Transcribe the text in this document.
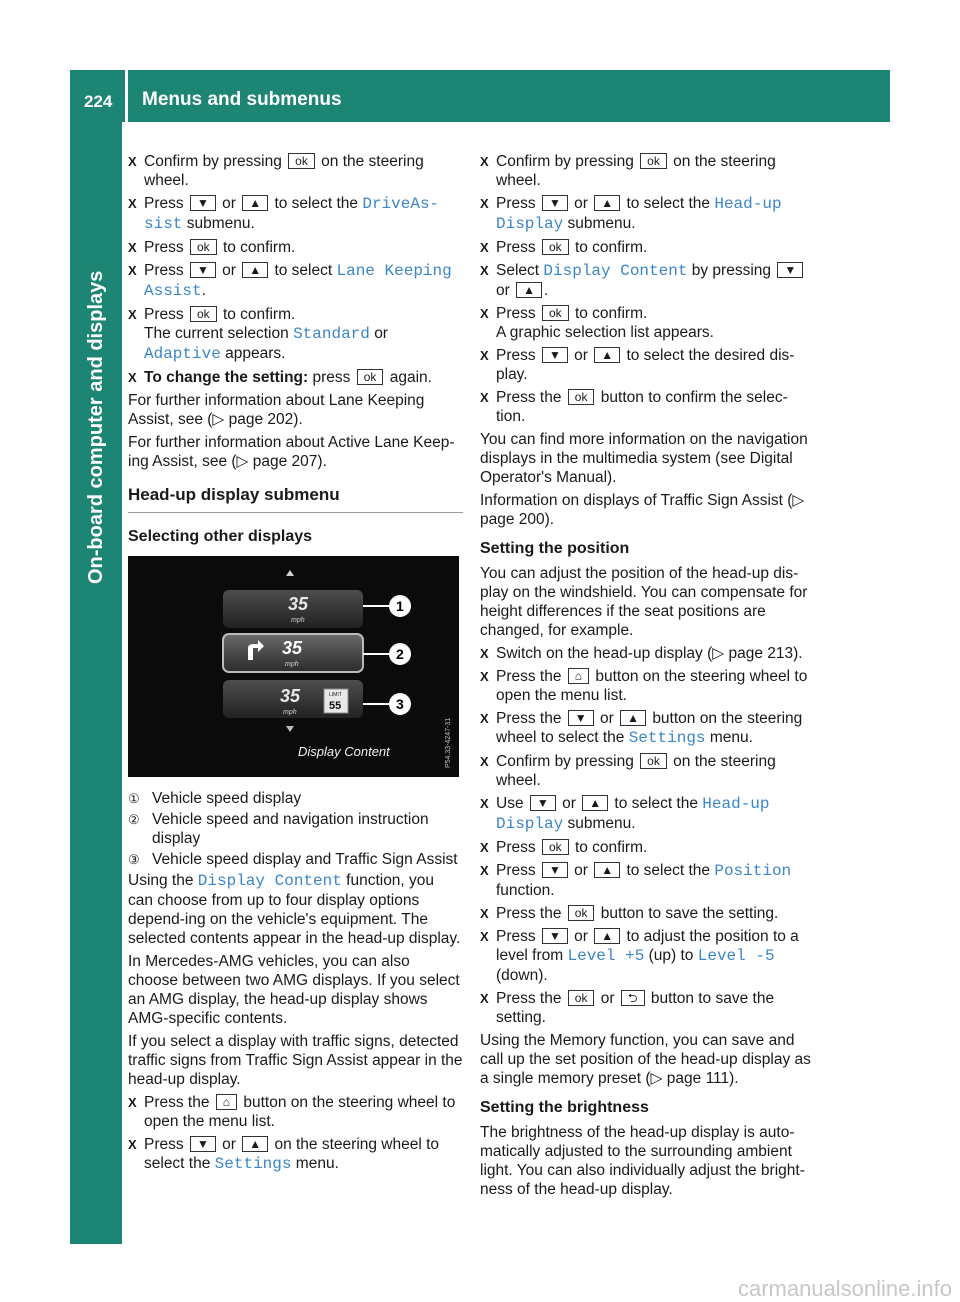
224 Menus and submenus
On-board computer and displays
X Confirm by pressing ok on the steering wheel.
X Press ▼ or ▲ to select the DriveAs‐sist submenu.
X Press ok to confirm.
X Press ▼ or ▲ to select Lane Keeping Assist.
X Press ok to confirm.
The current selection Standard or Adaptive appears.
X To change the setting: press ok again.

For further information about Lane Keeping Assist, see (▷ page 202).

For further information about Active Lane Keep-ing Assist, see (▷ page 207).

Head-up display submenu
Selecting other displays
35
mph
35
mph
35
mph
LIMIT
55
Display Content
1
2
3
P54.33-4247-31
① Vehicle speed display
② Vehicle speed and navigation instruction display
③ Vehicle speed display and Traffic Sign Assist

Using the Display Content function, you can choose from up to four display options depend-ing on the vehicle's equipment. The selected contents appear in the head-up display.

In Mercedes-AMG vehicles, you can also choose between two AMG displays. If you select an AMG display, the head-up display shows AMG-specific contents.

If you select a display with traffic signs, detected traffic signs from Traffic Sign Assist appear in the head-up display.

X Press the ⌂ button on the steering wheel to open the menu list.
X Press ▼ or ▲ on the steering wheel to select the Settings menu.
X Confirm by pressing ok on the steering wheel.
X Press ▼ or ▲ to select the Head-up Display submenu.
X Press ok to confirm.
X Select Display Content by pressing ▼ or ▲ .
X Press ok to confirm.
A graphic selection list appears.
X Press ▼ or ▲ to select the desired dis-play.
X Press the ok button to confirm the selec-tion.

You can find more information on the navigation displays in the multimedia system (see Digital Operator's Manual).

Information on displays of Traffic Sign Assist (▷ page 200).

Setting the position

You can adjust the position of the head-up dis-play on the windshield. You can compensate for height differences if the seat positions are changed, for example.

X Switch on the head-up display (▷ page 213).
X Press the ⌂ button on the steering wheel to open the menu list.
X Press the ▼ or ▲ button on the steering wheel to select the Settings menu.
X Confirm by pressing ok on the steering wheel.
X Use ▼ or ▲ to select the Head-up Display submenu.
X Press ok to confirm.
X Press ▼ or ▲ to select the Position function.
X Press the ok button to save the setting.
X Press ▼ or ▲ to adjust the position to a level from Level +5 (up) to Level -5 (down).
X Press the ok or ⮌ button to save the setting.

Using the Memory function, you can save and call up the set position of the head-up display as a single memory preset (▷ page 111).

Setting the brightness

The brightness of the head-up display is auto-matically adjusted to the surrounding ambient light. You can also individually adjust the bright-ness of the head-up display.

carmanualsonline.info
